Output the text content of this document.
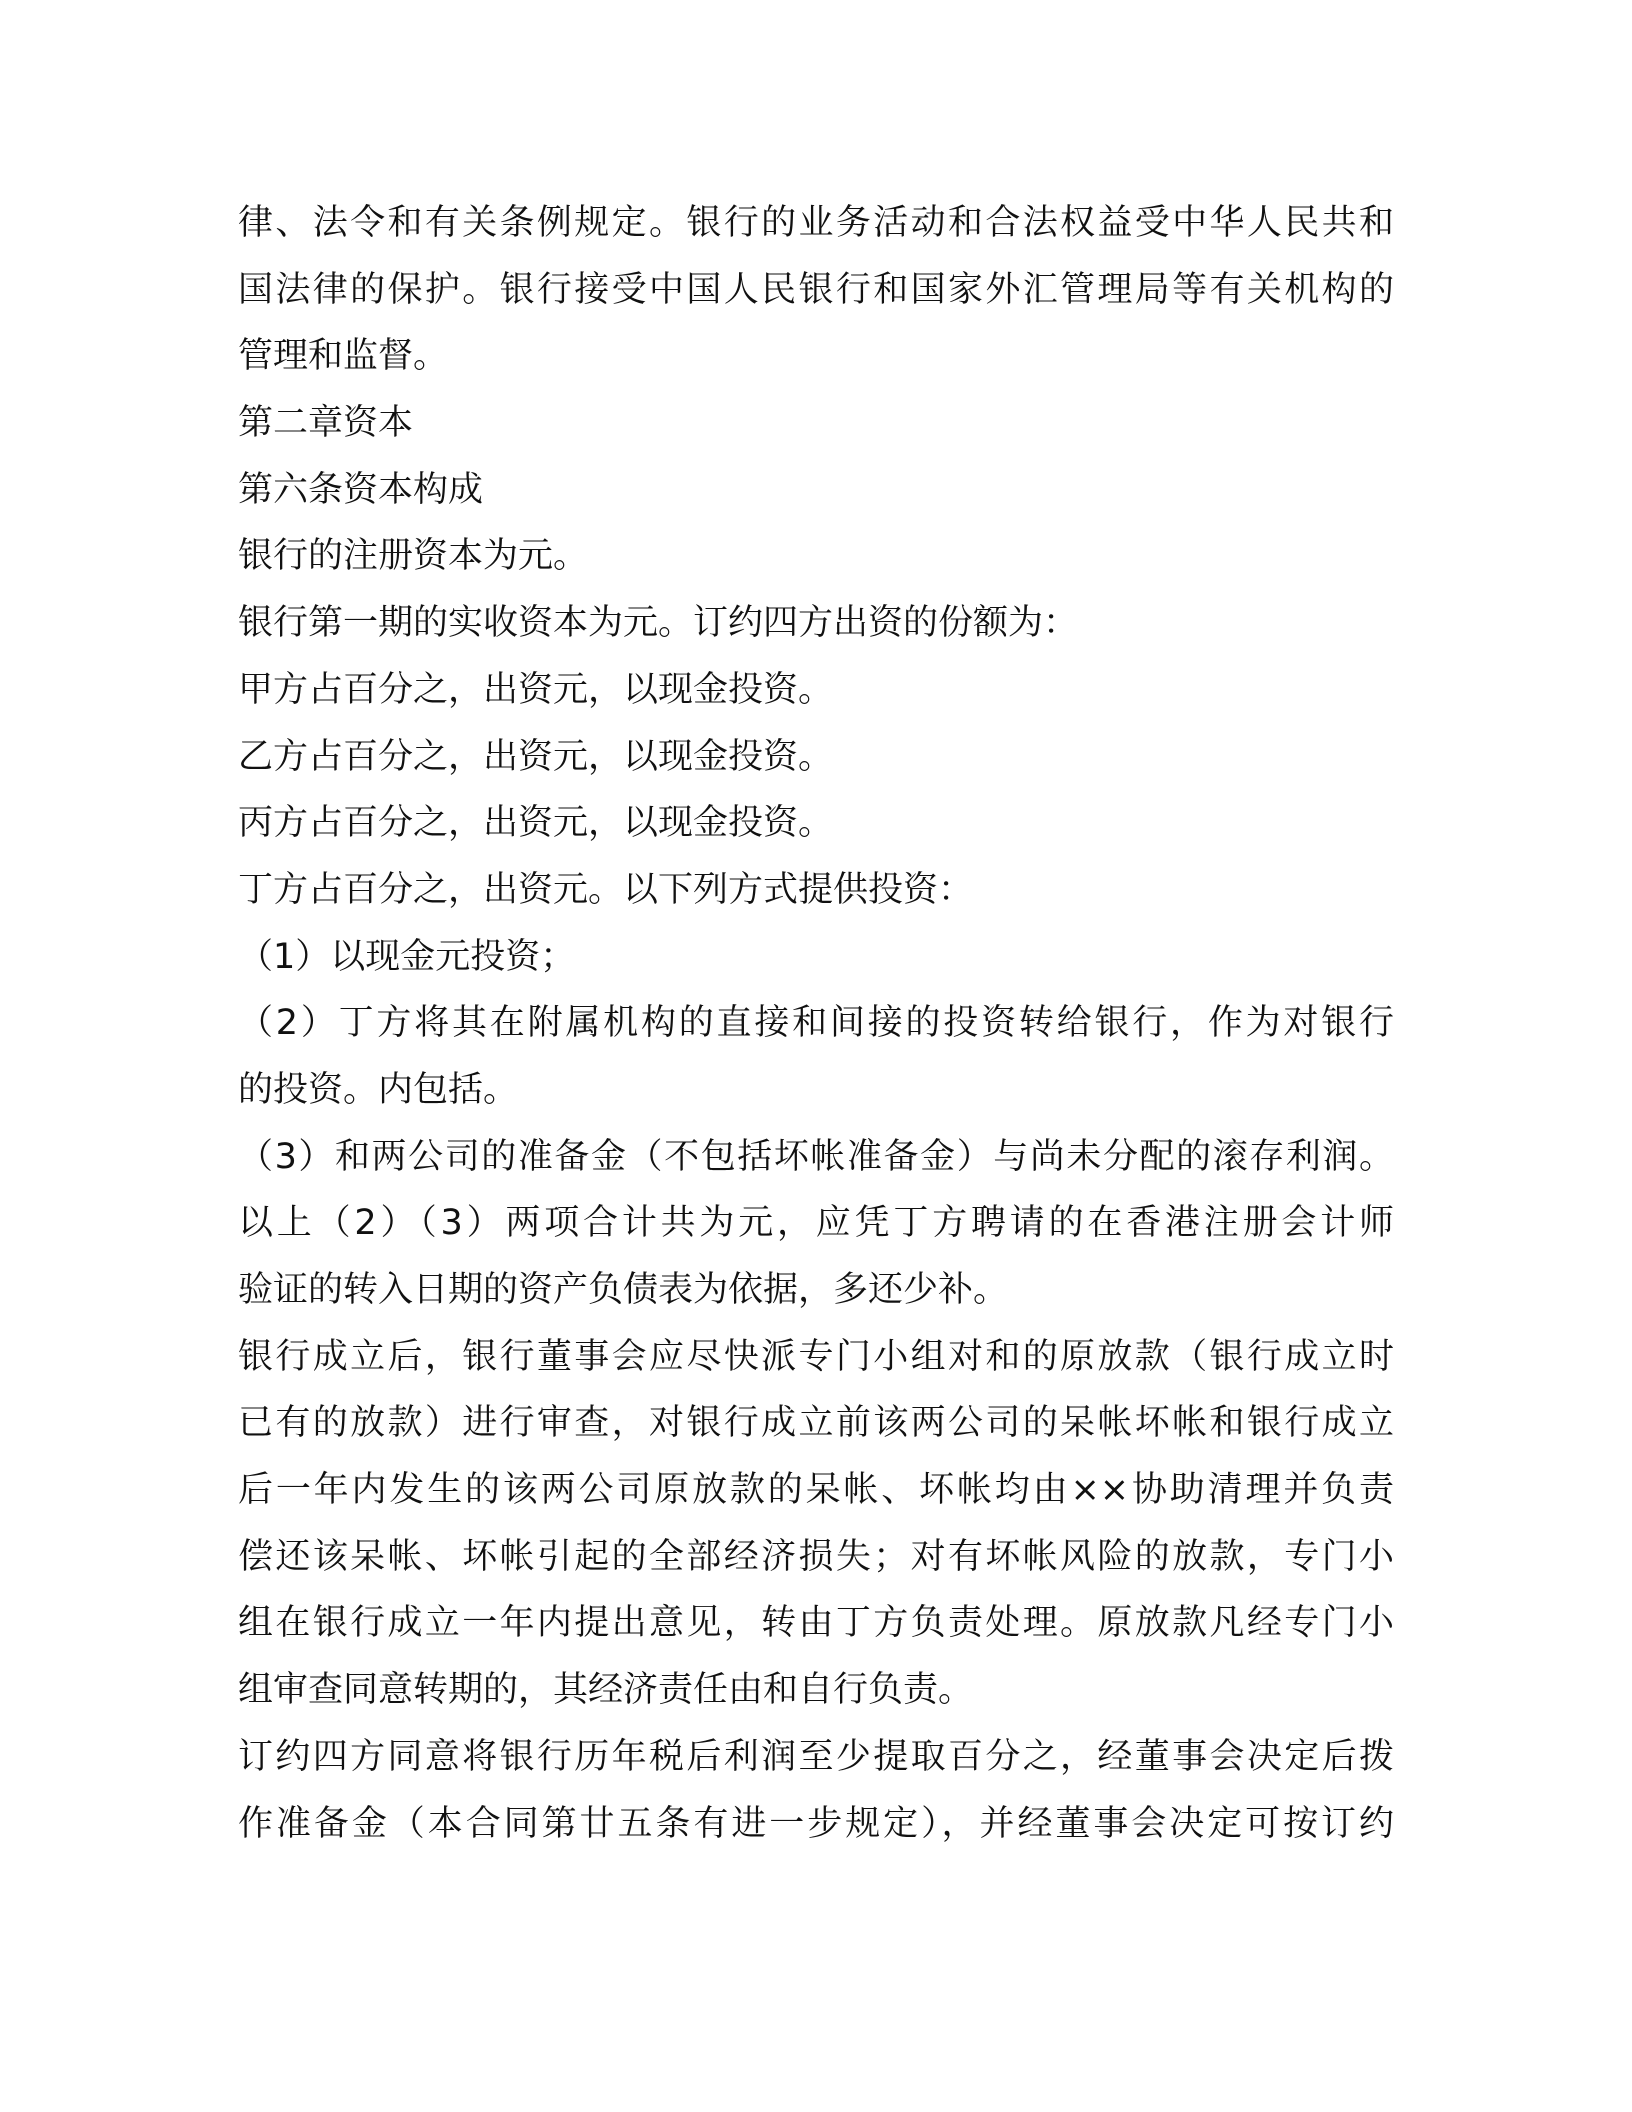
律、法令和有关条例规定。银行的业务活动和合法权益受中华人民共和
国法律的保护。银行接受中国人民银行和国家外汇管理局等有关机构的
管理和监督。
第二章资本
第六条资本构成
银行的注册资本为元。
银行第一期的实收资本为元。订约四方出资的份额为：
甲方占百分之，出资元，以现金投资。
乙方占百分之，出资元，以现金投资。
丙方占百分之，出资元，以现金投资。
丁方占百分之，出资元。以下列方式提供投资：
（1）以现金元投资；
（2）丁方将其在附属机构的直接和间接的投资转给银行，作为对银行
的投资。内包括。
（3）和两公司的准备金（不包括坏帐准备金）与尚未分配的滚存利润。
以上（2）（3）两项合计共为元，应凭丁方聘请的在香港注册会计师
验证的转入日期的资产负债表为依据，多还少补。
银行成立后，银行董事会应尽快派专门小组对和的原放款（银行成立时
已有的放款）进行审查，对银行成立前该两公司的呆帐坏帐和银行成立
后一年内发生的该两公司原放款的呆帐、坏帐均由××协助清理并负责
偿还该呆帐、坏帐引起的全部经济损失；对有坏帐风险的放款，专门小
组在银行成立一年内提出意见，转由丁方负责处理。原放款凡经专门小
组审查同意转期的，其经济责任由和自行负责。
订约四方同意将银行历年税后利润至少提取百分之，经董事会决定后拨
作准备金（本合同第廿五条有进一步规定），并经董事会决定可按订约
